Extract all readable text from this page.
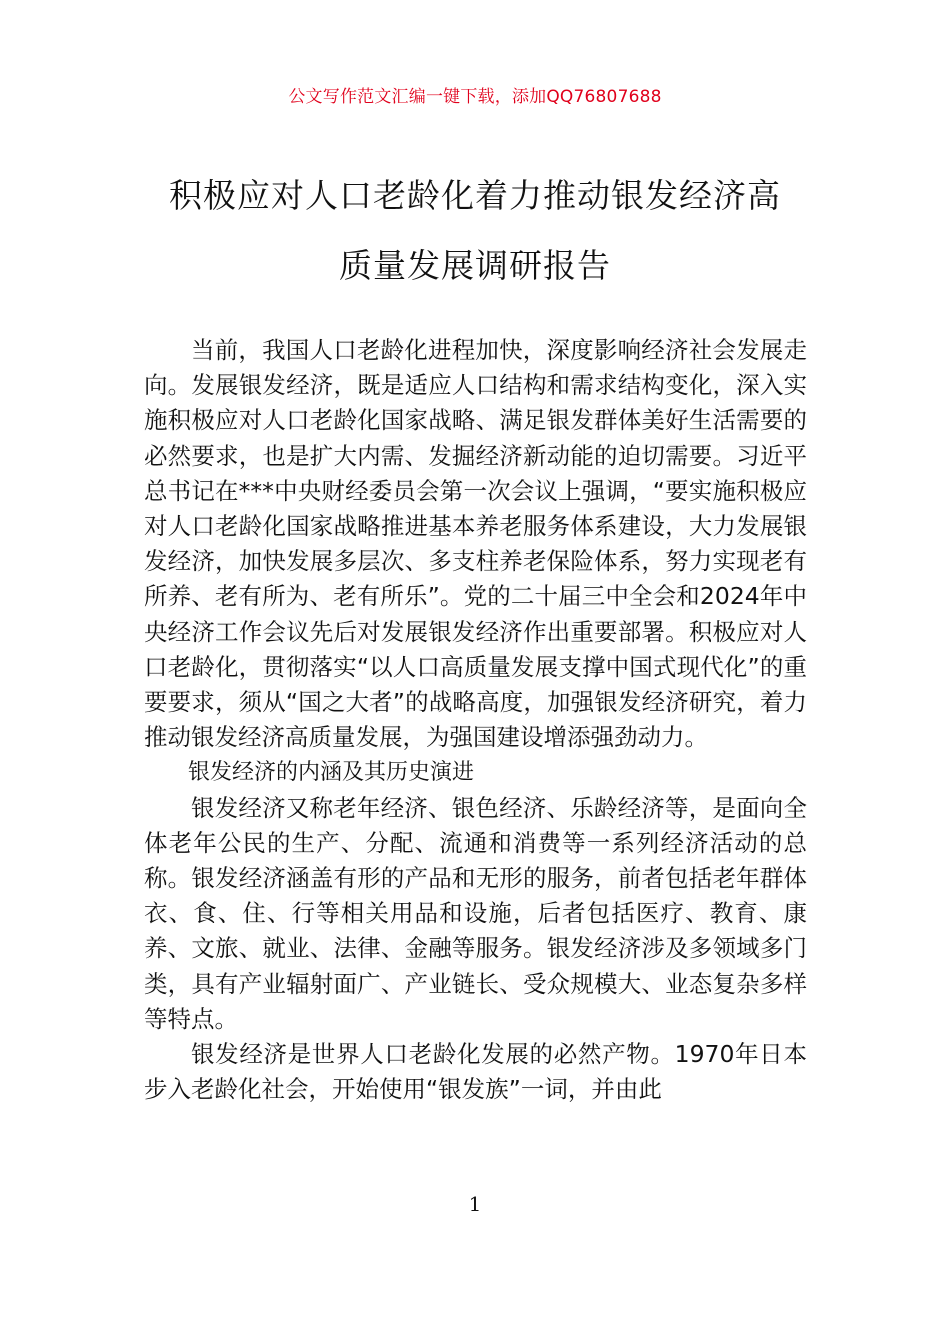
公文写作范文汇编一键下载，添加QQ76807688
积极应对人口老龄化着力推动银发经济高
质量发展调研报告

当前，我国人口老龄化进程加快，深度影响经济社会发展走向。发展银发经济，既是适应人口结构和需求结构变化，深入实施积极应对人口老龄化国家战略、满足银发群体美好生活需要的必然要求，也是扩大内需、发掘经济新动能的迫切需要。习近平总书记在***中央财经委员会第一次会议上强调，“要实施积极应对人口老龄化国家战略推进基本养老服务体系建设，大力发展银发经济，加快发展多层次、多支柱养老保险体系，努力实现老有所养、老有所为、老有所乐”。党的二十届三中全会和2024年中央经济工作会议先后对发展银发经济作出重要部署。积极应对人口老龄化，贯彻落实“以人口高质量发展支撑中国式现代化”的重要要求，须从“国之大者”的战略高度，加强银发经济研究，着力推动银发经济高质量发展，为强国建设增添强劲动力。

银发经济的内涵及其历史演进

银发经济又称老年经济、银色经济、乐龄经济等，是面向全体老年公民的生产、分配、流通和消费等一系列经济活动的总称。银发经济涵盖有形的产品和无形的服务，前者包括老年群体衣、食、住、行等相关用品和设施，后者包括医疗、教育、康养、文旅、就业、法律、金融等服务。银发经济涉及多领域多门类，具有产业辐射面广、产业链长、受众规模大、业态复杂多样等特点。

银发经济是世界人口老龄化发展的必然产物。1970年日本步入老龄化社会，开始使用“银发族”一词，并由此

1
